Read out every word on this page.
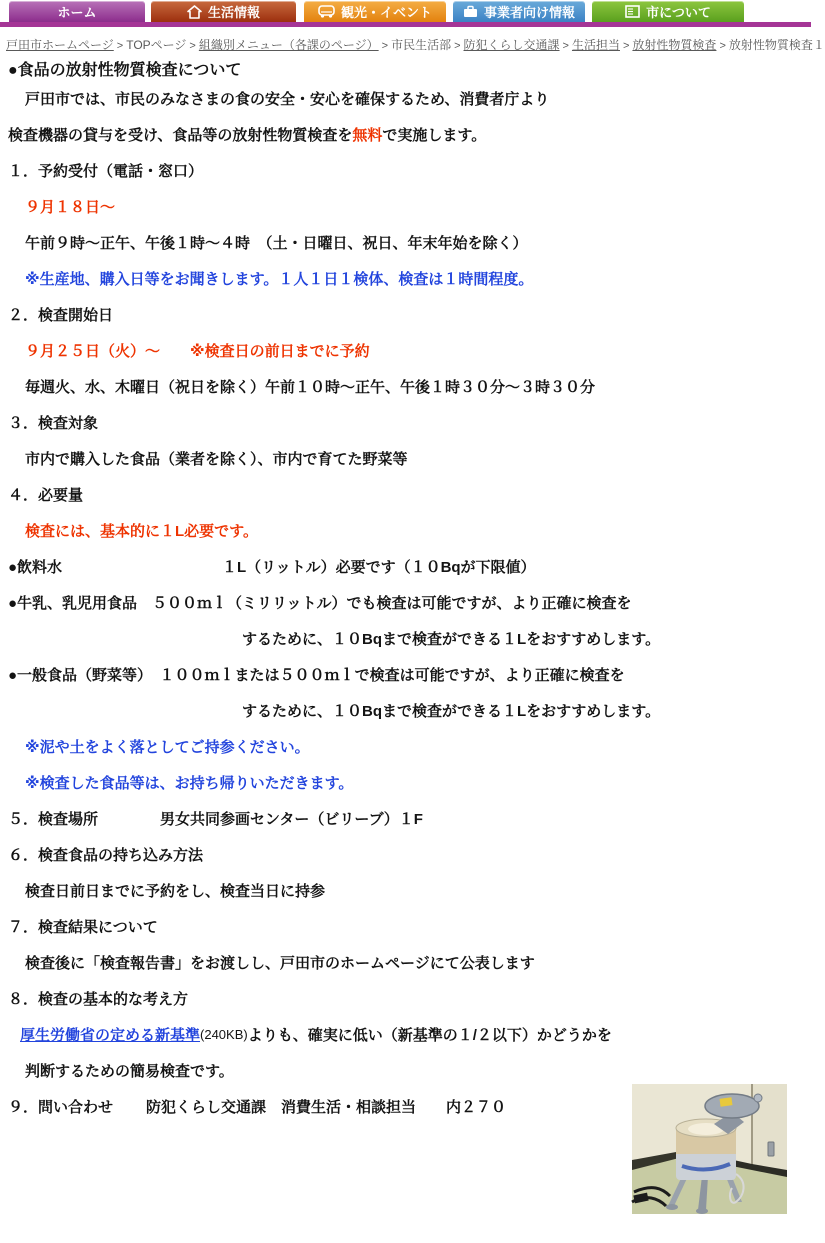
ホーム	生活情報	観光・イベント	事業者向け情報	市について
戸田市ホームページ > TOPページ > 組織別メニュー（各課のページ） > 市民生活部 > 防犯くらし交通課 > 生活担当 > 放射性物質検査 > 放射性物質検査１
●食品の放射性物質検査について

戸田市では、市民のみなさまの食の安全・安心を確保するため、消費者庁より

検査機器の貸与を受け、食品等の放射性物質検査を 無料 で実施します。

１．予約受付（電話・窓口）

９月１８日～

午前９時～正午、午後１時～４時　（土・日曜日、祝日、年末年始を除く）

※生産地、購入日等をお聞きします。１人１日１検体、検査は１時間程度。

２．検査開始日

９月２５日（火）～　　※検査日の前日までに予約

毎週火、水、木曜日（祝日を除く）午前１０時～正午、午後１時３０分～３時３０分

３．検査対象

市内で購入した食品（業者を除く）、市内で育てた野菜等

４．必要量

検査には、基本的に１L必要です。

●飲料水	１L（リットル）必要です（１０Bqが下限値）

●牛乳、乳児用食品　５００ｍｌ（ミリリットル）でも検査は可能ですが、より正確に検査を

するために、１０Bqまで検査ができる１Lをおすすめします。

●一般食品（野菜等）　１００ｍｌまたは５００ｍｌで検査は可能ですが、より正確に検査を

するために、１０Bqまで検査ができる１Lをおすすめします。

※泥や土をよく落としてご持参ください。

※検査した食品等は、お持ち帰りいただきます。

５．検査場所	男女共同参画センター（ビリーブ）１F

６．検査食品の持ち込み方法

検査日前日までに予約をし、検査当日に持参

７．検査結果について

検査後に「検査報告書」をお渡しし、戸田市のホームページにて公表します

８．検査の基本的な考え方

厚生労働省の定める新基準 (240KB) よりも、確実に低い（新基準の１/２以下）かどうかを

判断するための簡易検査です。

９．問い合わせ 防犯くらし交通課　消費生活・相談担当　　内２７０
